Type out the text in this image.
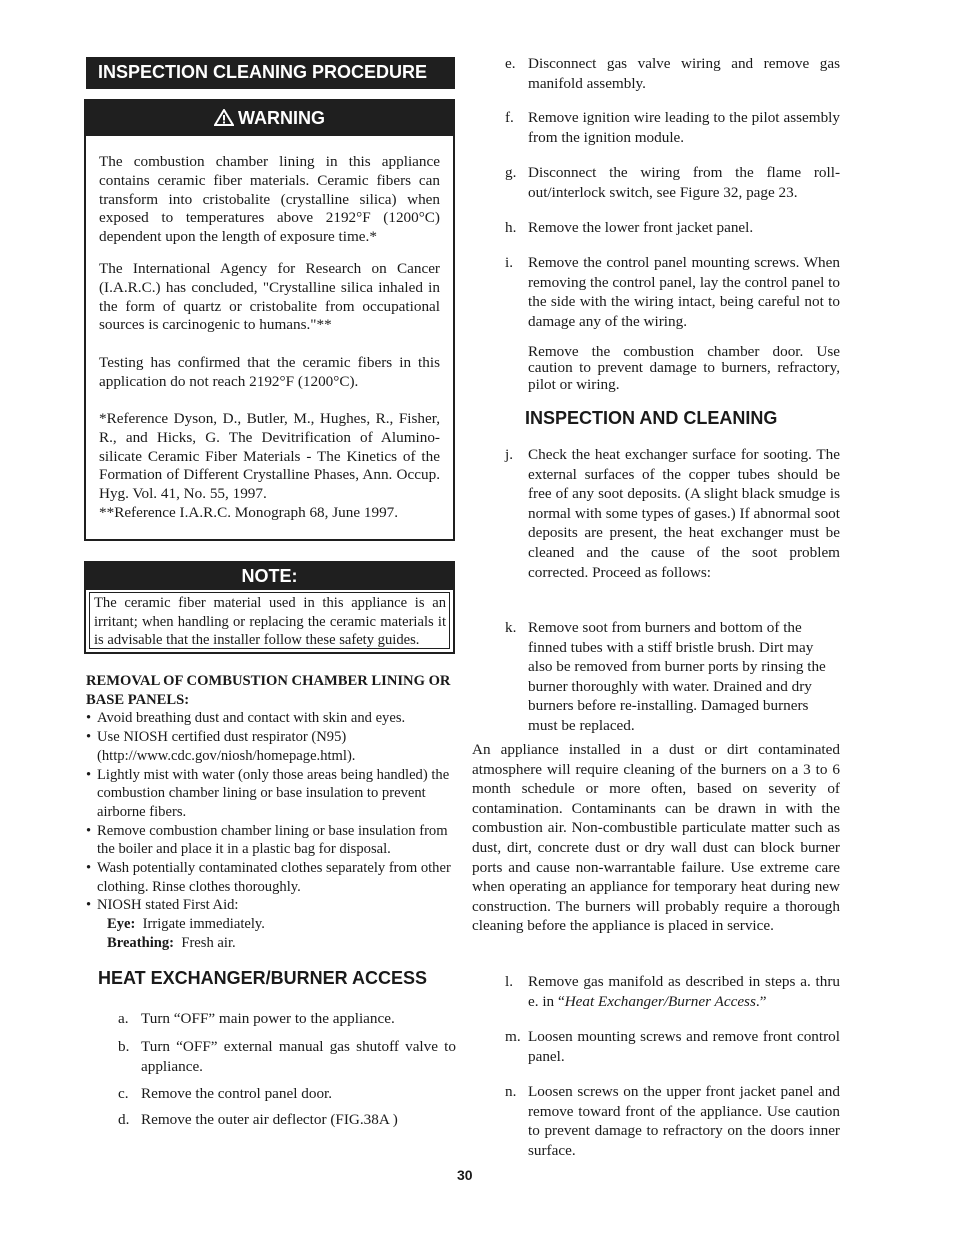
INSPECTION CLEANING PROCEDURE
WARNING
The combustion chamber lining in this appliance contains ceramic fiber materials. Ceramic fibers can transform into cristobalite (crystalline silica) when exposed to temperatures above 2192°F (1200°C) dependent upon the length of exposure time.*
The International Agency for Research on Cancer (I.A.R.C.) has concluded, "Crystalline silica inhaled in the form of quartz or cristobalite from occupational sources is carcinogenic to humans."**
Testing has confirmed that the ceramic fibers in this application do not reach 2192°F (1200°C).
*Reference Dyson, D., Butler, M., Hughes, R., Fisher, R., and Hicks, G. The Devitrification of Alumino-silicate Ceramic Fiber Materials - The Kinetics of the Formation of Different Crystalline Phases, Ann. Occup. Hyg. Vol. 41, No. 55, 1997.
**Reference I.A.R.C. Monograph 68, June 1997.
NOTE:
The ceramic fiber material used in this appliance is an irritant; when handling or replacing the ceramic materials it is advisable that the installer follow these safety guides.
REMOVAL OF COMBUSTION CHAMBER LINING OR BASE PANELS:
• Avoid breathing dust and contact with skin and eyes.
• Use NIOSH certified dust respirator (N95) (http://www.cdc.gov/niosh/homepage.html).
• Lightly mist with water (only those areas being handled) the combustion chamber lining or base insulation to prevent airborne fibers.
• Remove combustion chamber lining or base insulation from the boiler and place it in a plastic bag for disposal.
• Wash potentially contaminated clothes separately from other clothing. Rinse clothes thoroughly.
• NIOSH stated First Aid:
Eye: Irrigate immediately.
Breathing: Fresh air.
HEAT EXCHANGER/BURNER ACCESS
a. Turn “OFF” main power to the appliance.
b. Turn “OFF” external manual gas shutoff valve to appliance.
c. Remove the control panel door.
d. Remove the outer air deflector (FIG.38A )
e. Disconnect gas valve wiring and remove gas manifold assembly.
f. Remove ignition wire leading to the pilot assembly from the ignition module.
g. Disconnect the wiring from the flame roll-out/interlock switch, see Figure 32, page 23.
h. Remove the lower front jacket panel.
i. Remove the control panel mounting screws. When removing the control panel, lay the control panel to the side with the wiring intact, being careful not to damage any of the wiring.
Remove the combustion chamber door. Use caution to prevent damage to burners, refractory, pilot or wiring.
INSPECTION AND CLEANING
j. Check the heat exchanger surface for sooting. The external surfaces of the copper tubes should be free of any soot deposits. (A slight black smudge is normal with some types of gases.) If abnormal soot deposits are present, the heat exchanger must be cleaned and the cause of the soot problem corrected. Proceed as follows:
k. Remove soot from burners and bottom of the finned tubes with a stiff bristle brush. Dirt may also be removed from burner ports by rinsing the burner thoroughly with water. Drained and dry burners before re-installing. Damaged burners must be replaced.
An appliance installed in a dust or dirt contaminated atmosphere will require cleaning of the burners on a 3 to 6 month schedule or more often, based on severity of contamination. Contaminants can be drawn in with the combustion air. Non-combustible particulate matter such as dust, dirt, concrete dust or dry wall dust can block burner ports and cause non-warrantable failure. Use extreme care when operating an appliance for temporary heat during new construction. The burners will probably require a thorough cleaning before the appliance is placed in service.
l. Remove gas manifold as described in steps a. thru e. in “Heat Exchanger/Burner Access.”
m. Loosen mounting screws and remove front control panel.
n. Loosen screws on the upper front jacket panel and remove toward front of the appliance. Use caution to prevent damage to refractory on the doors inner surface.
30
